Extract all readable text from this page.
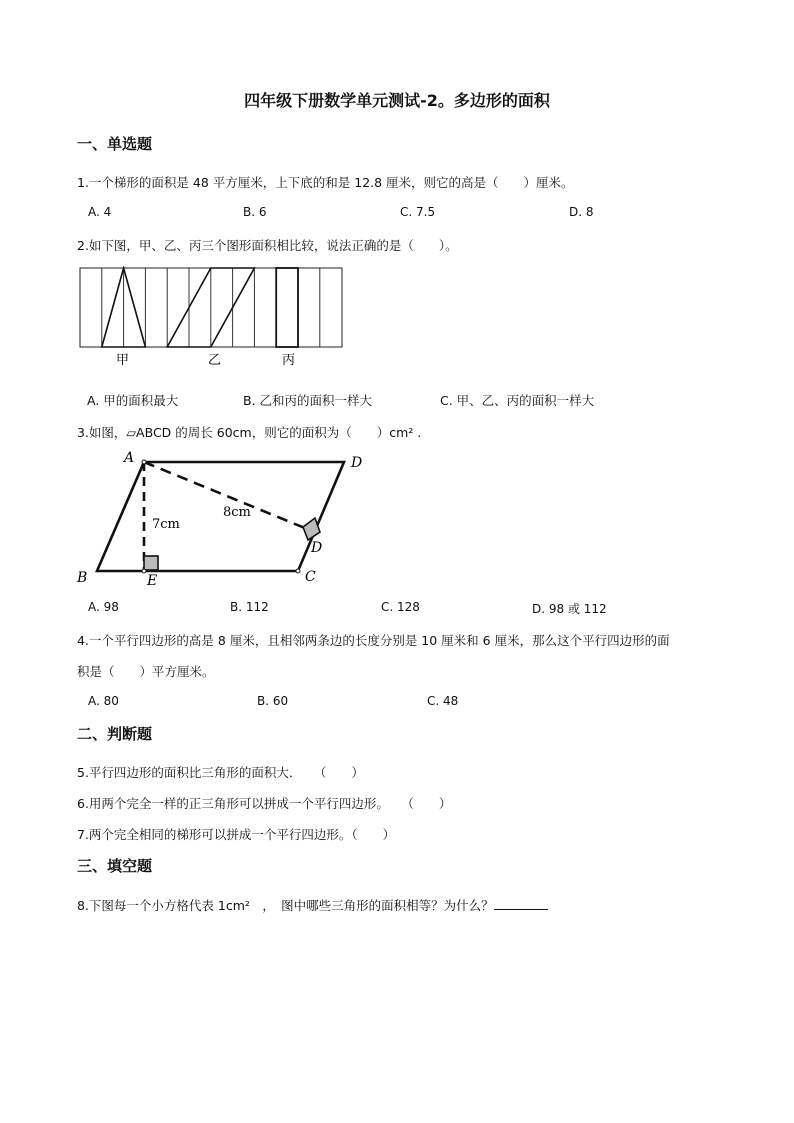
四年级下册数学单元测试-2。多边形的面积
一、单选题
1.一个梯形的面积是 48 平方厘米，上下底的和是 12.8 厘米，则它的高是（　　）厘米。
A. 4	B. 6	C. 7.5	D. 8
2.如下图，甲、乙、丙三个图形面积相比较，说法正确的是（　　）。
甲	乙	丙
A. 甲的面积最大	B. 乙和丙的面积一样大	C. 甲、乙、丙的面积一样大
3.如图，▱ABCD 的周长 60cm，则它的面积为（　　）cm² .
A	D
B	C
D
E
7cm
8cm
A. 98	B. 112	C. 128	D. 98 或 112
4.一个平行四边形的高是 8 厘米，且相邻两条边的长度分别是 10 厘米和 6 厘米，那么这个平行四边形的面
积是（　　）平方厘米。
A. 80	B. 60	C. 48
二、判断题
5.平行四边形的面积比三角形的面积大．　　（　　）
6.用两个完全一样的正三角形可以拼成一个平行四边形。　　（　　）
7.两个完全相同的梯形可以拼成一个平行四边形。（　　）
三、填空题
8.下图每一个小方格代表 1cm²　，　图中哪些三角形的面积相等？为什么？
